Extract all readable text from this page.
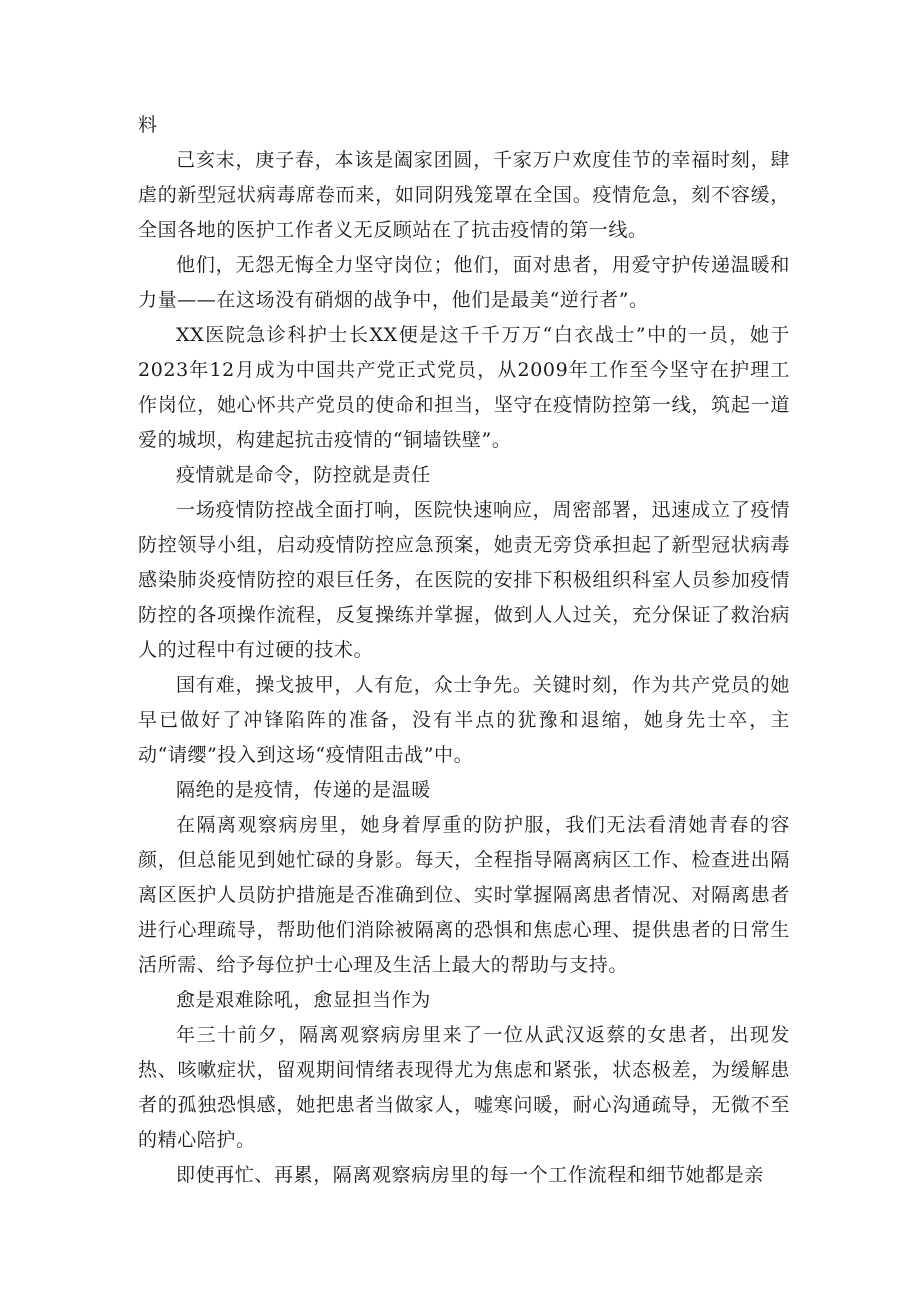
料

己亥末，庚子春，本该是阖家团圆，千家万户欢度佳节的幸福时刻，肆虐的新型冠状病毒席卷而来，如同阴残笼罩在全国。疫情危急，刻不容缓，全国各地的医护工作者义无反顾站在了抗击疫情的第一线。

他们，无怨无悔全力坚守岗位；他们，面对患者，用爱守护传递温暖和力量——在这场没有硝烟的战争中，他们是最美“逆行者”。

XX医院急诊科护士长XX便是这千千万万“白衣战士”中的一员，她于2023年12月成为中国共产党正式党员，从2009年工作至今坚守在护理工作岗位，她心怀共产党员的使命和担当，坚守在疫情防控第一线，筑起一道爱的城坝，构建起抗击疫情的“铜墙铁壁”。

疫情就是命令，防控就是责任

一场疫情防控战全面打响，医院快速响应，周密部署，迅速成立了疫情防控领导小组，启动疫情防控应急预案，她责无旁贷承担起了新型冠状病毒感染肺炎疫情防控的艰巨任务，在医院的安排下积极组织科室人员参加疫情防控的各项操作流程，反复操练并掌握，做到人人过关，充分保证了救治病人的过程中有过硬的技术。

国有难，操戈披甲，人有危，众士争先。关键时刻，作为共产党员的她早已做好了冲锋陷阵的准备，没有半点的犹豫和退缩，她身先士卒，主动“请缨”投入到这场“疫情阻击战”中。

隔绝的是疫情，传递的是温暖

在隔离观察病房里，她身着厚重的防护服，我们无法看清她青春的容颜，但总能见到她忙碌的身影。每天，全程指导隔离病区工作、检查进出隔离区医护人员防护措施是否准确到位、实时掌握隔离患者情况、对隔离患者进行心理疏导，帮助他们消除被隔离的恐惧和焦虑心理、提供患者的日常生活所需、给予每位护士心理及生活上最大的帮助与支持。

愈是艰难除吼，愈显担当作为

年三十前夕，隔离观察病房里来了一位从武汉返蔡的女患者，出现发热、咳嗽症状，留观期间情绪表现得尤为焦虑和紧张，状态极差，为缓解患者的孤独恐惧感，她把患者当做家人，嘘寒问暖，耐心沟通疏导，无微不至的精心陪护。

即使再忙、再累，隔离观察病房里的每一个工作流程和细节她都是亲
